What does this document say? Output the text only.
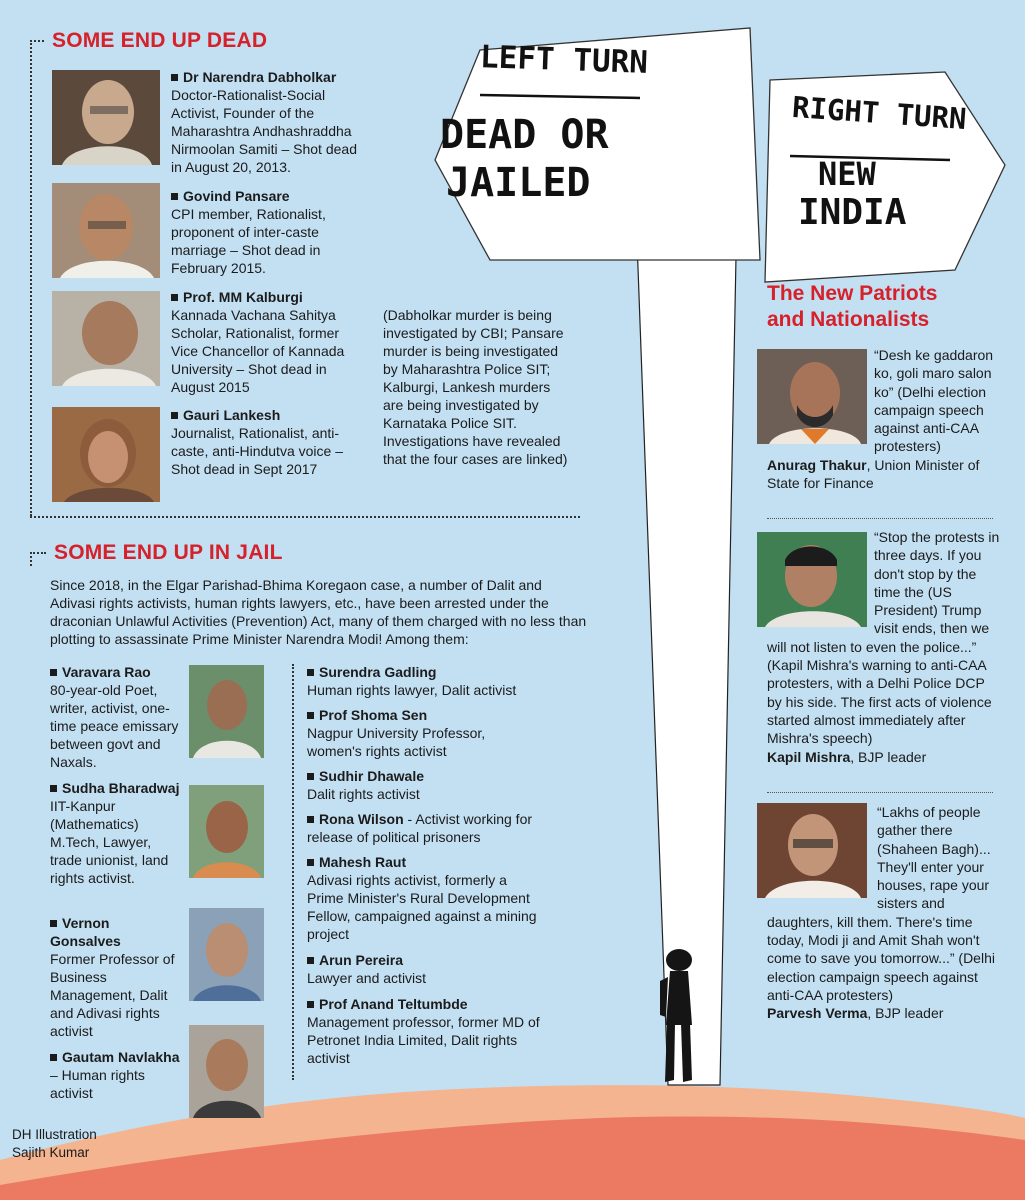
LEFT TURN
DEAD OR
JAILED
RIGHT TURN
NEW
INDIA
SOME END UP DEAD
Dr Narendra Dabholkar
Doctor-Rationalist-Social Activist, Founder of the Maharashtra Andhashraddha Nirmoolan Samiti – Shot dead in August 20, 2013.
Govind Pansare
CPI member, Rationalist, proponent of inter-caste marriage – Shot dead in February 2015.
Prof. MM Kalburgi
Kannada Vachana Sahitya Scholar, Rationalist, former Vice Chancellor of Kannada University – Shot dead in August 2015
Gauri Lankesh
Journalist, Rationalist, anti-caste, anti-Hindutva voice – Shot dead in Sept 2017
(Dabholkar murder is being investigated by CBI; Pansare murder is being investigated by Maharashtra Police SIT; Kalburgi, Lankesh murders are being investigated by Karnataka Police SIT. Investigations have revealed that the four cases are linked)
SOME END UP IN JAIL
Since 2018, in the Elgar Parishad-Bhima Koregaon case, a number of Dalit and Adivasi rights activists, human rights lawyers, etc., have been arrested under the draconian Unlawful Activities (Prevention) Act, many of them charged with no less than plotting to assassinate Prime Minister Narendra Modi! Among them:
Varavara Rao
80-year-old Poet, writer, activist, one-time peace emissary between govt and Naxals.
Sudha Bharadwaj
IIT-Kanpur (Mathematics) M.Tech, Lawyer, trade unionist, land rights activist.
Vernon Gonsalves
Former Professor of Business Management, Dalit and Adivasi rights activist
Gautam Navlakha – Human rights activist
Surendra Gadling
Human rights lawyer, Dalit activist
Prof Shoma Sen
Nagpur University Professor, women's rights activist
Sudhir Dhawale
Dalit rights activist
Rona Wilson - Activist working for release of political prisoners
Mahesh Raut
Adivasi rights activist, formerly a Prime Minister's Rural Development Fellow, campaigned against a mining project
Arun Pereira
Lawyer and activist
Prof Anand Teltumbde
Management professor, former MD of Petronet India Limited, Dalit rights activist
The New Patriots
and Nationalists
“Desh ke gaddaron ko, goli maro salon ko” (Delhi election campaign speech against anti-CAA protesters)
Anurag Thakur, Union Minister of State for Finance
“Stop the protests in three days. If you don't stop by the time the (US President) Trump visit ends, then we will not listen to even the police...” (Kapil Mishra's warning to anti-CAA protesters, with a Delhi Police DCP by his side. The first acts of violence started almost immediately after Mishra's speech)
Kapil Mishra, BJP leader
“Lakhs of people gather there (Shaheen Bagh)... They'll enter your houses, rape your sisters and daughters, kill them. There's time today, Modi ji and Amit Shah won't come to save you tomorrow...” (Delhi election campaign speech against anti-CAA protesters)
Parvesh Verma, BJP leader
DH Illustration
Sajith Kumar
